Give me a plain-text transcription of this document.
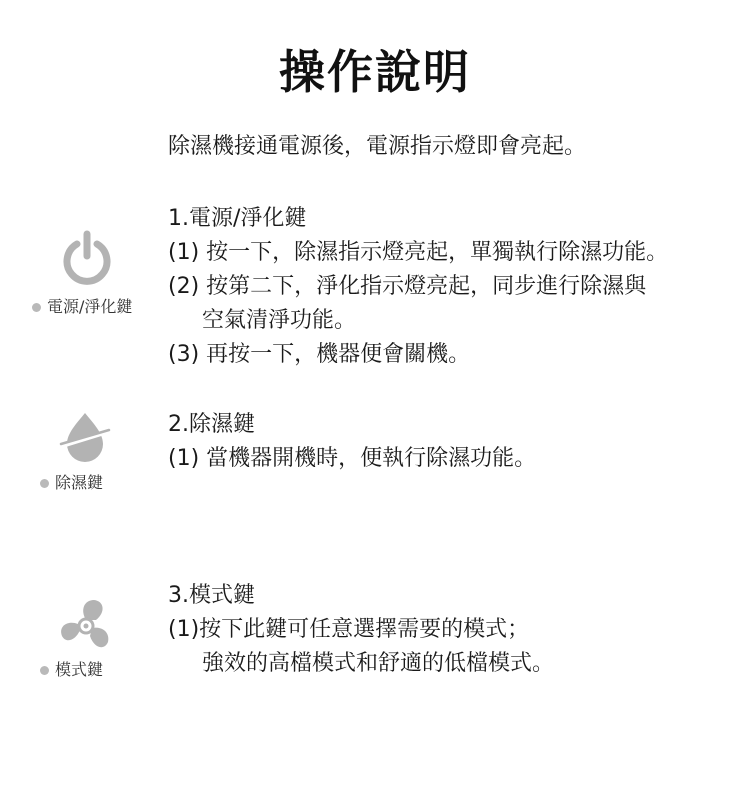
操作說明
除濕機接通電源後，電源指示燈即會亮起。
1.電源/淨化鍵
(1) 按一下，除濕指示燈亮起，單獨執行除濕功能。
(2) 按第二下，淨化指示燈亮起，同步進行除濕與
空氣清淨功能。
(3) 再按一下，機器便會關機。
2.除濕鍵
(1) 當機器開機時，便執行除濕功能。
3.模式鍵
(1)按下此鍵可任意選擇需要的模式；
強效的高檔模式和舒適的低檔模式。
電源/淨化鍵
除濕鍵
模式鍵
